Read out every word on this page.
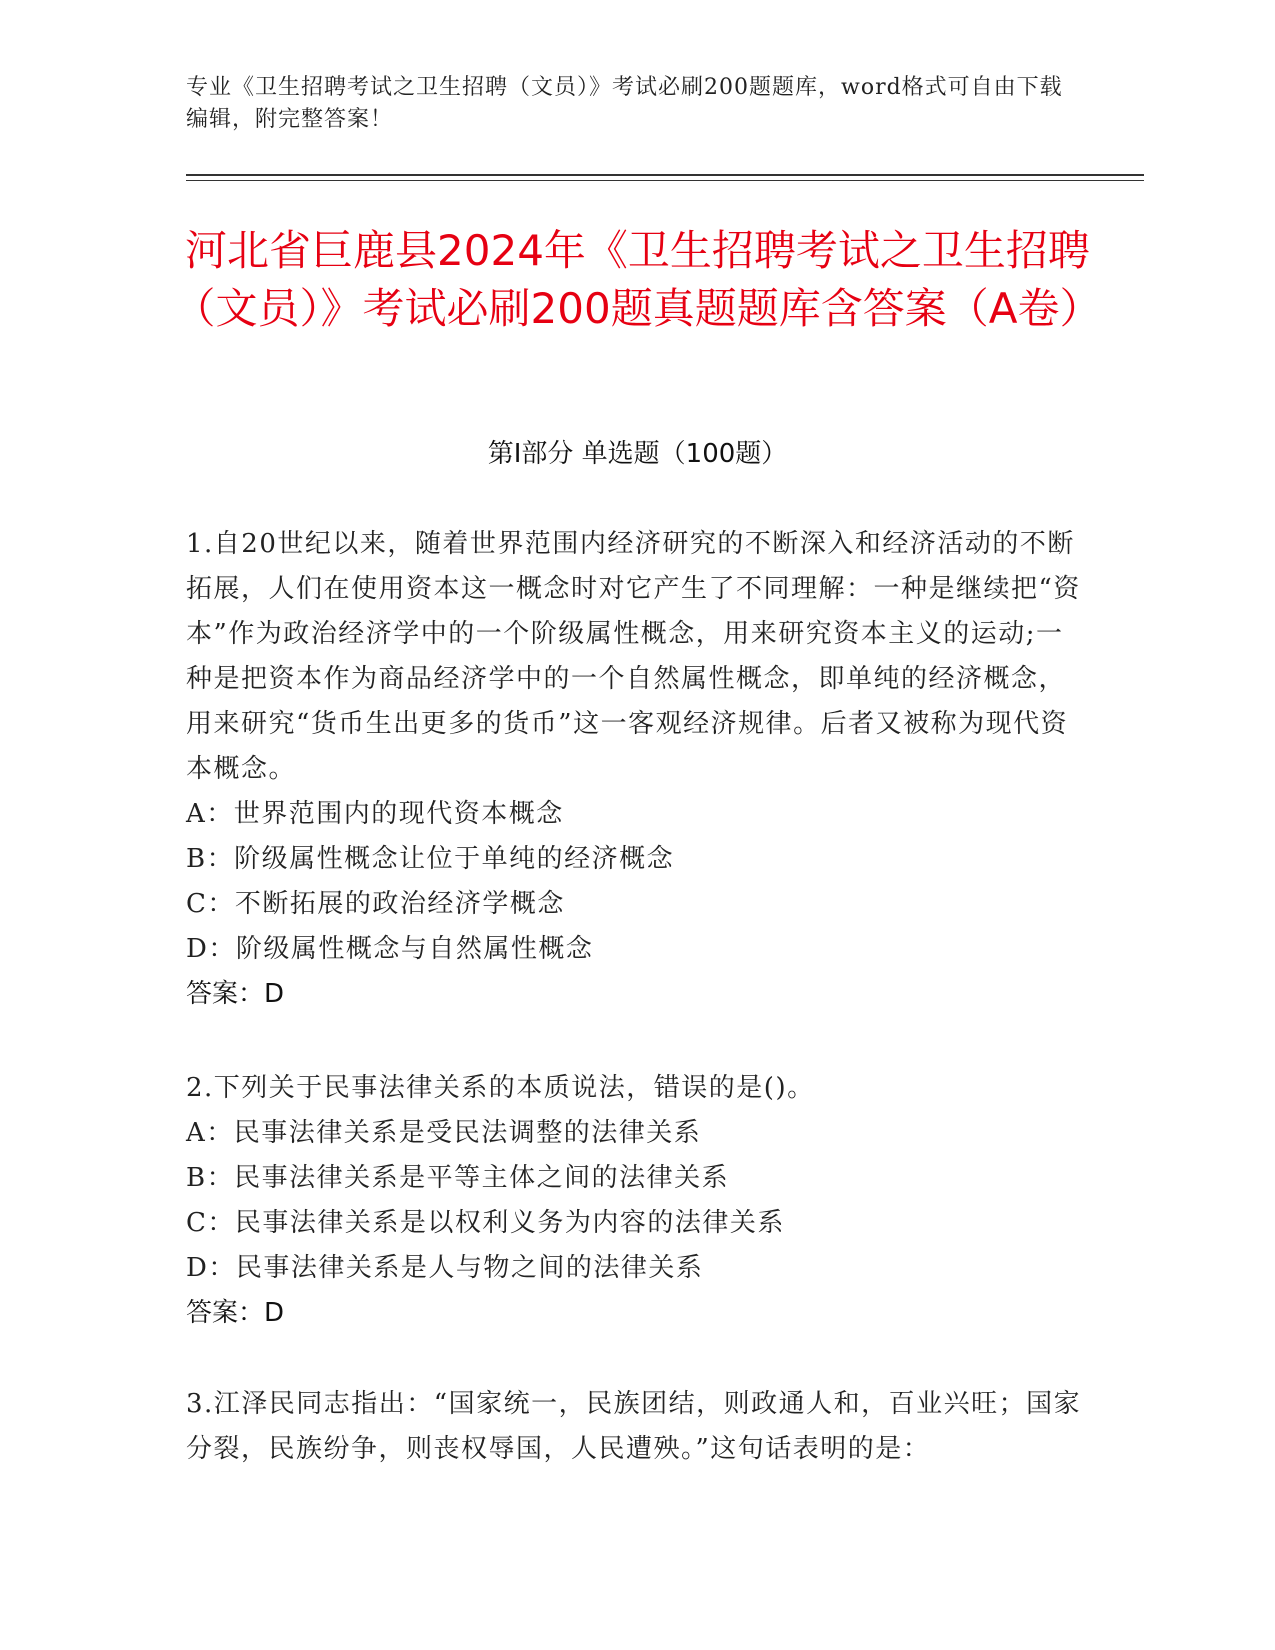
专业《卫生招聘考试之卫生招聘（文员）》考试必刷200题题库，word格式可自由下载编辑，附完整答案！
河北省巨鹿县2024年《卫生招聘考试之卫生招聘（文员）》考试必刷200题真题题库含答案（A卷）
第Ⅰ部分 单选题（100题）

1.自20世纪以来，随着世界范围内经济研究的不断深入和经济活动的不断拓展，人们在使用资本这一概念时对它产生了不同理解：一种是继续把“资本”作为政治经济学中的一个阶级属性概念，用来研究资本主义的运动;一种是把资本作为商品经济学中的一个自然属性概念，即单纯的经济概念，用来研究“货币生出更多的货币”这一客观经济规律。后者又被称为现代资本概念。

A：世界范围内的现代资本概念

B：阶级属性概念让位于单纯的经济概念

C：不断拓展的政治经济学概念

D：阶级属性概念与自然属性概念

答案：D

2.下列关于民事法律关系的本质说法，错误的是()。

A：民事法律关系是受民法调整的法律关系

B：民事法律关系是平等主体之间的法律关系

C：民事法律关系是以权利义务为内容的法律关系

D：民事法律关系是人与物之间的法律关系

答案：D

3.江泽民同志指出：“国家统一，民族团结，则政通人和，百业兴旺；国家分裂，民族纷争，则丧权辱国，人民遭殃。”这句话表明的是：
